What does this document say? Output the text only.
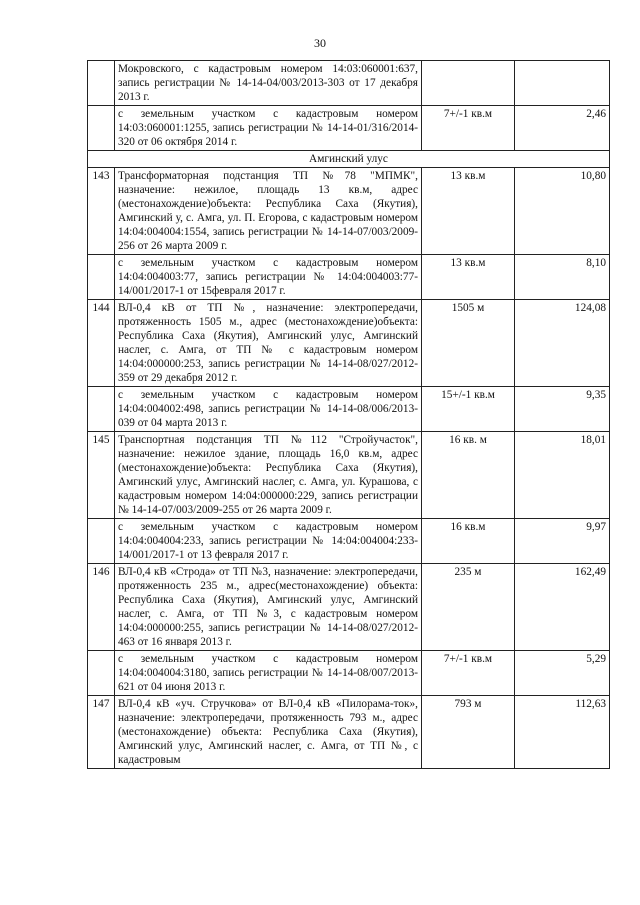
30
	Мокровского, с кадастровым номером 14:03:060001:637, запись регистрации № 14-14-04/003/2013-303 от 17 декабря 2013 г.		
	с земельным участком с кадастровым номером 14:03:060001:1255, запись регистрации № 14-14-01/316/2014-320 от 06 октября 2014 г.	7+/-1 кв.м	2,46
Амгинский улус			
143	Трансформаторная подстанция ТП №78 "МПМК", назначение: нежилое, площадь 13 кв.м, адрес (местонахождение)объекта: Республика Саха (Якутия), Амгинский у, с. Амга, ул. П. Егорова, с кадастровым номером 14:04:004004:1554, запись регистрации № 14-14-07/003/2009-256 от 26 марта 2009 г.	13 кв.м	10,80
	с земельным участком с кадастровым номером 14:04:004003:77, запись регистрации № 14:04:004003:77-14/001/2017-1 от 15февраля 2017 г.	13 кв.м	8,10
144	ВЛ-0,4 кВ от ТП №, назначение: электропередачи, протяженность 1505 м., адрес (местонахождение)объекта: Республика Саха (Якутия), Амгинский улус, Амгинский наслег, с. Амга, от ТП № с кадастровым номером 14:04:000000:253, запись регистрации № 14-14-08/027/2012-359 от 29 декабря 2012 г.	1505 м	124,08
	с земельным участком с кадастровым номером 14:04:004002:498, запись регистрации № 14-14-08/006/2013-039 от 04 марта 2013 г.	15+/-1 кв.м	9,35
145	Транспортная подстанция ТП №112 "Стройучасток", назначение: нежилое здание, площадь 16,0 кв.м, адрес (местонахождение)объекта: Республика Саха (Якутия), Амгинский улус, Амгинский наслег, с. Амга, ул. Курашова, с кадастровым номером 14:04:000000:229, запись регистрации № 14-14-07/003/2009-255 от 26 марта 2009 г.	16 кв. м	18,01
	с земельным участком с кадастровым номером 14:04:004004:233, запись регистрации № 14:04:004004:233-14/001/2017-1 от 13 февраля 2017 г.	16 кв.м	9,97
146	ВЛ-0,4 кВ «Строда» от ТП №3, назначение: электропередачи, протяженность 235 м., адрес(местонахождение) объекта: Республика Саха (Якутия), Амгинский улус, Амгинский наслег, с. Амга, от ТП №3, с кадастровым номером 14:04:000000:255, запись регистрации № 14-14-08/027/2012-463 от 16 января 2013 г.	235 м	162,49
	с земельным участком с кадастровым номером 14:04:004004:3180, запись регистрации № 14-14-08/007/2013-621 от 04 июня 2013 г.	7+/-1 кв.м	5,29
147	ВЛ-0,4 кВ «уч. Стручкова» от ВЛ-0,4 кВ «Пилорама-ток», назначение: электропередачи, протяженность 793 м., адрес (местонахождение) объекта: Республика Саха (Якутия), Амгинский улус, Амгинский наслег, с. Амга, от ТП №, с кадастровым	793 м	112,63
